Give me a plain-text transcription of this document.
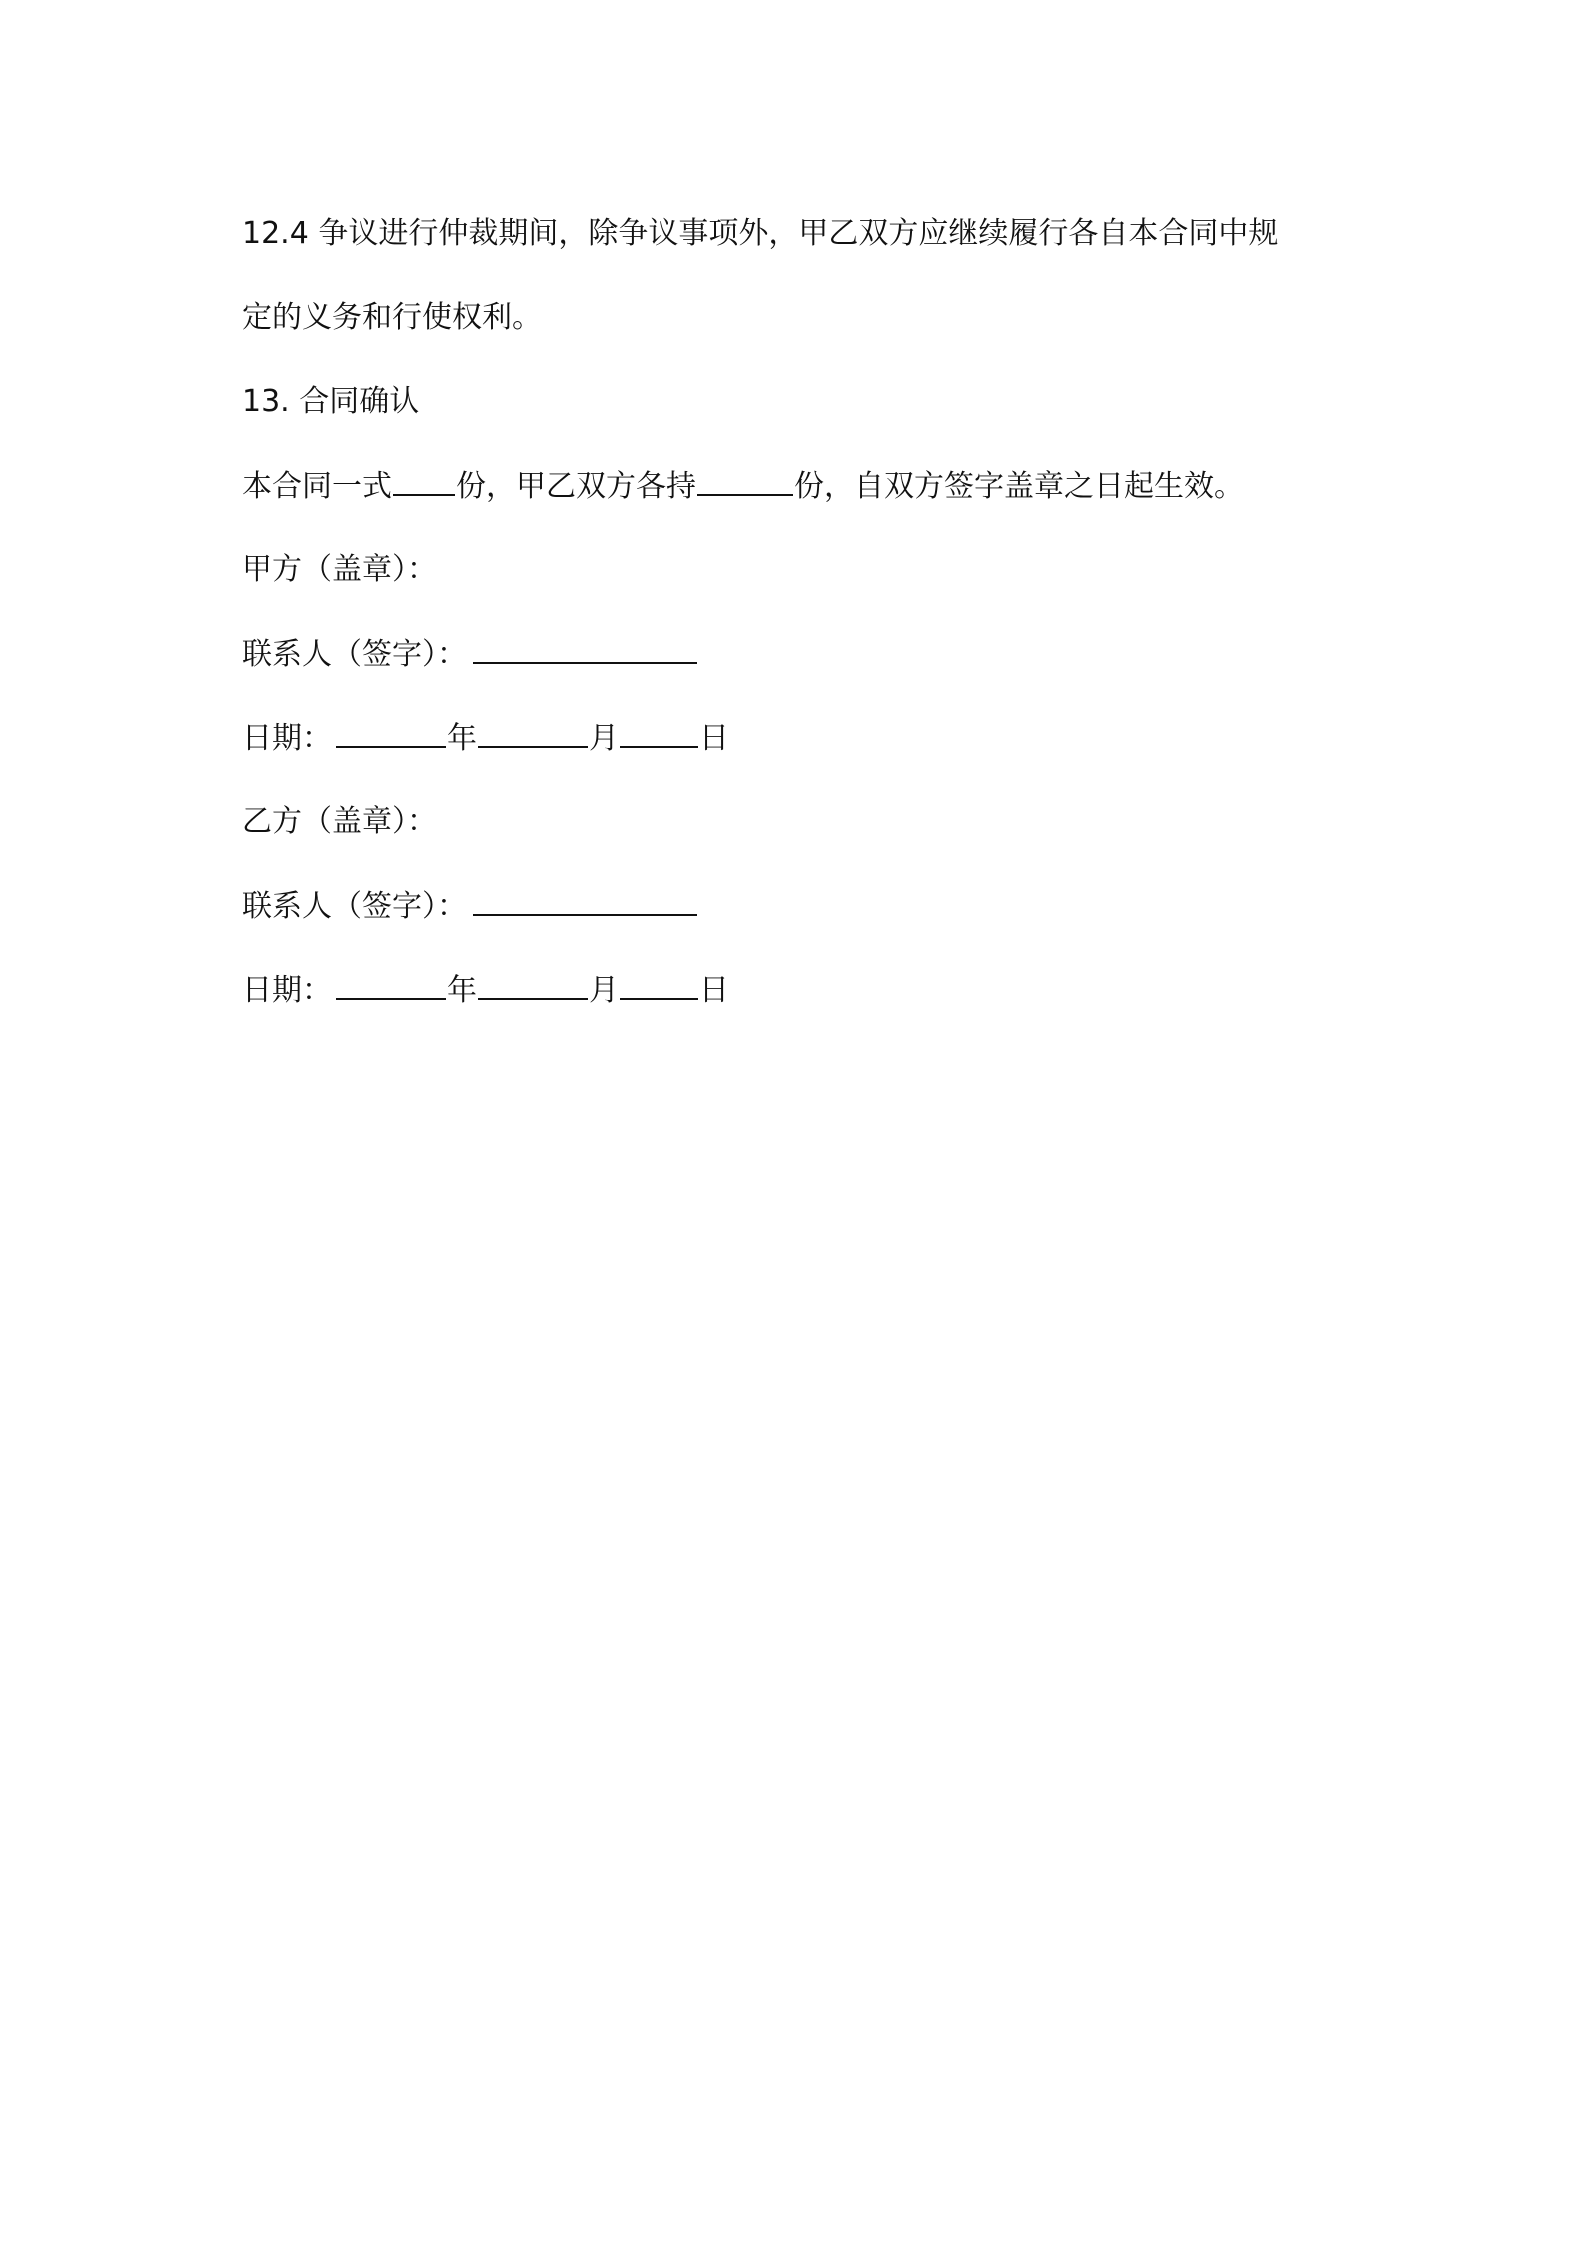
12.4 争议进行仲裁期间，除争议事项外，甲乙双方应继续履行各自本合同中规
定的义务和行使权利。
13. 合同确认
本合同一式 份，甲乙双方各持	份，自双方签字盖章之日起生效。
甲方（盖章）：
联系人（签字）：
日期：	年	月	日
乙方（盖章）：
联系人（签字）：
日期：	年	月	日
